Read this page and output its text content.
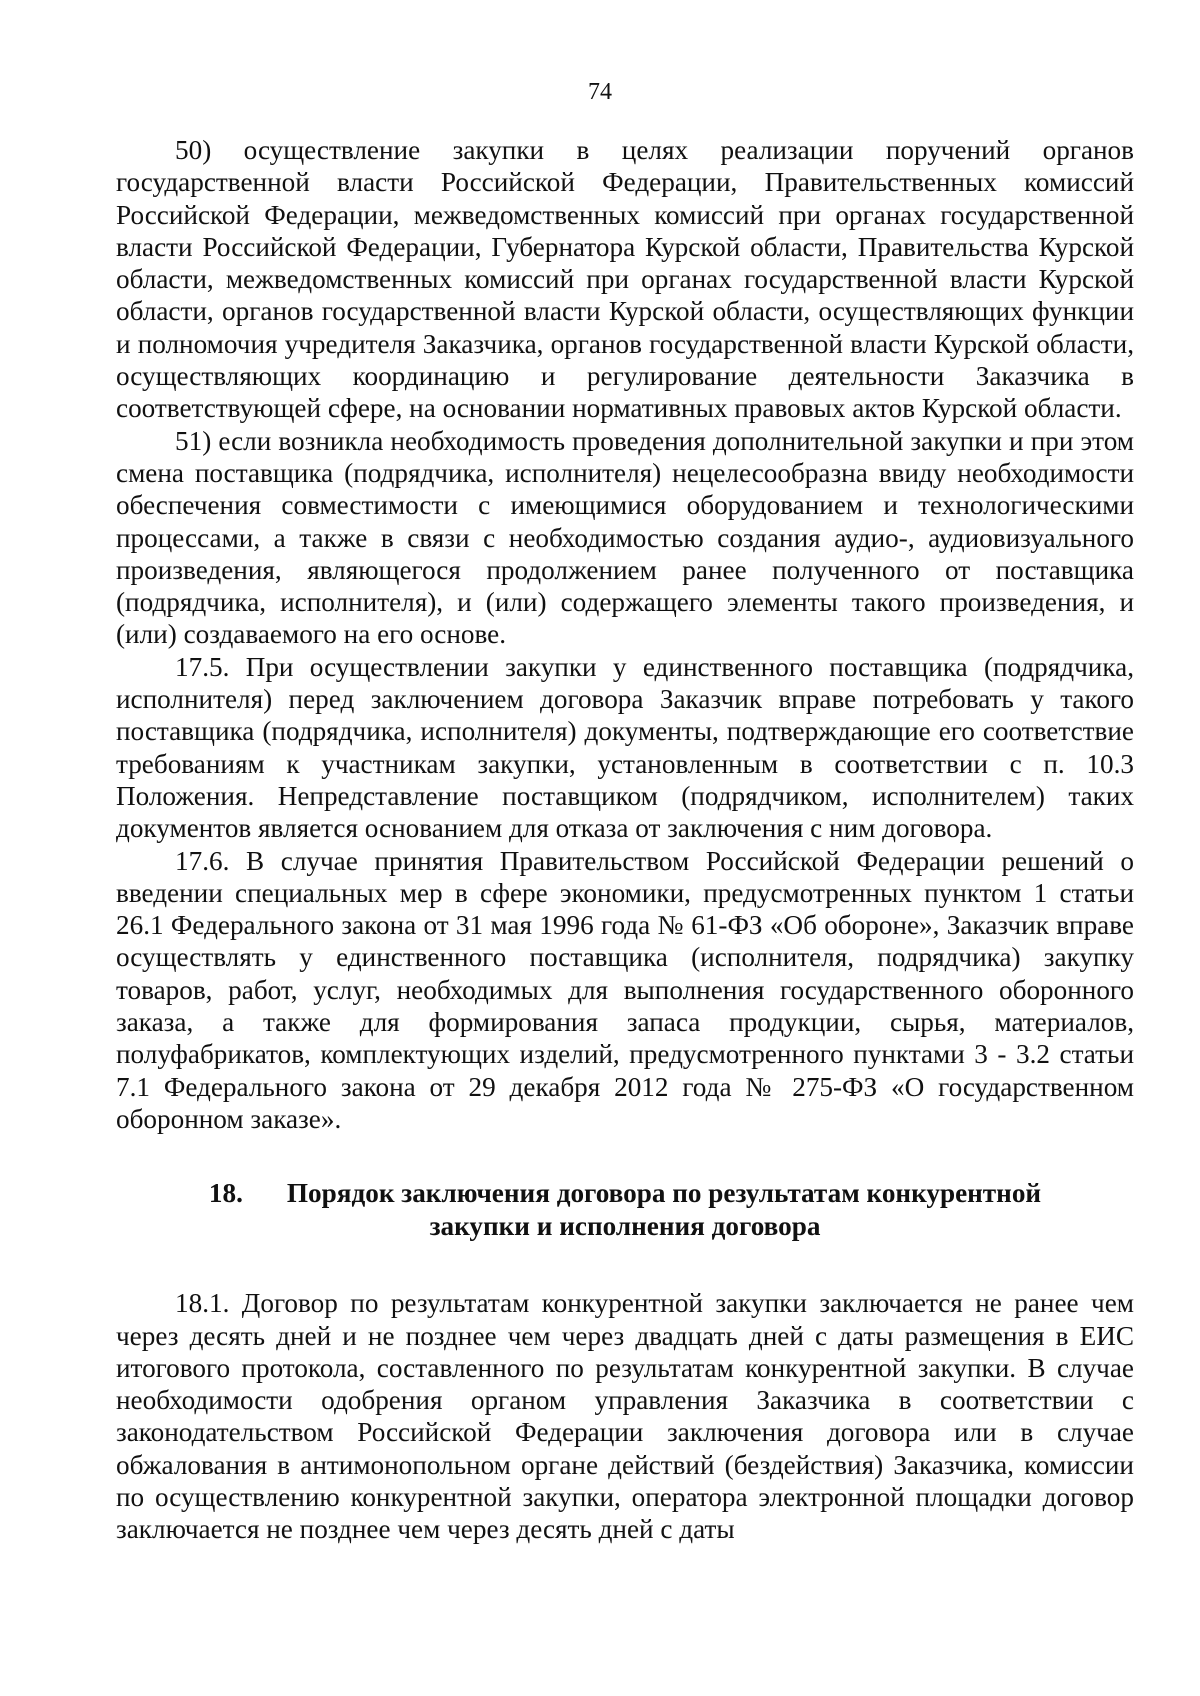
74

50) осуществление закупки в целях реализации поручений органов государственной власти Российской Федерации, Правительственных комиссий Российской Федерации, межведомственных комиссий при органах государственной власти Российской Федерации, Губернатора Курской области, Правительства Курской области, межведомственных комиссий при органах государственной власти Курской области, органов государственной власти Курской области, осуществляющих функции и полномочия учредителя Заказчика, органов государственной власти Курской области, осуществляющих координацию и регулирование деятельности Заказчика в соответствующей сфере, на основании нормативных правовых актов Курской области.

51) если возникла необходимость проведения дополнительной закупки и при этом смена поставщика (подрядчика, исполнителя) нецелесообразна ввиду необходимости обеспечения совместимости с имеющимися оборудованием и технологическими процессами, а также в связи с необходимостью создания аудио-, аудиовизуального произведения, являющегося продолжением ранее полученного от поставщика (подрядчика, исполнителя), и (или) содержащего элементы такого произведения, и (или) создаваемого на его основе.

17.5. При осуществлении закупки у единственного поставщика (подрядчика, исполнителя) перед заключением договора Заказчик вправе потребовать у такого поставщика (подрядчика, исполнителя) документы, подтверждающие его соответствие требованиям к участникам закупки, установленным в соответствии с п. 10.3 Положения. Непредставление поставщиком (подрядчиком, исполнителем) таких документов является основанием для отказа от заключения с ним договора.

17.6. В случае принятия Правительством Российской Федерации решений о введении специальных мер в сфере экономики, предусмотренных пунктом 1 статьи 26.1 Федерального закона от 31 мая 1996 года № 61-ФЗ «Об обороне», Заказчик вправе осуществлять у единственного поставщика (исполнителя, подрядчика) закупку товаров, работ, услуг, необходимых для выполнения государственного оборонного заказа, а также для формирования запаса продукции, сырья, материалов, полуфабрикатов, комплектующих изделий, предусмотренного пунктами 3 - 3.2 статьи 7.1 Федерального закона от 29 декабря 2012 года № 275-ФЗ «О государственном оборонном заказе».

18. Порядок заключения договора по результатам конкурентной
закупки и исполнения договора

18.1. Договор по результатам конкурентной закупки заключается не ранее чем через десять дней и не позднее чем через двадцать дней с даты размещения в ЕИС итогового протокола, составленного по результатам конкурентной закупки. В случае необходимости одобрения органом управления Заказчика в соответствии с законодательством Российской Федерации заключения договора или в случае обжалования в антимонопольном органе действий (бездействия) Заказчика, комиссии по осуществлению конкурентной закупки, оператора электронной площадки договор заключается не позднее чем через десять дней с даты
